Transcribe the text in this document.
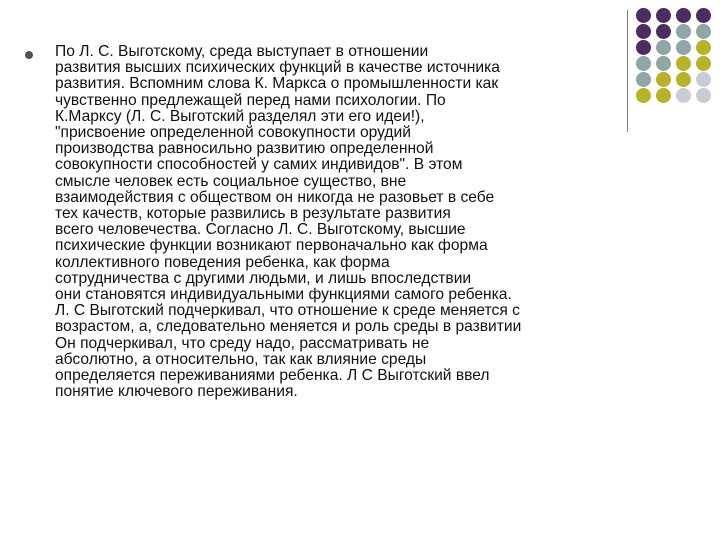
По Л. С. Выготскому, среда выступает в отношении
развития высших психических функций в качестве источника
развития. Вспомним слова К. Маркса о промышленности как
чувственно предлежащей перед нами психологии. По
К.Марксу (Л. С. Выготский разделял эти его идеи!),
"присвоение определенной совокупности орудий
производства равносильно развитию определенной
совокупности способностей у самих индивидов". В этом
смысле человек есть социальное существо, вне
взаимодействия с обществом он никогда не разовьет в себе
тех качеств, которые развились в результате развития
всего человечества. Согласно Л. С. Выготскому, высшие
психические функции возникают первоначально как форма
коллективного поведения ребенка, как форма
сотрудничества с другими людьми, и лишь впоследствии
они становятся индивидуальными функциями самого ребенка.
Л. С Выготский подчеркивал, что отношение к среде меняется с
возрастом, а, следовательно меняется и роль среды в развитии
Он подчеркивал, что среду надо, рассматривать не
абсолютно, а относительно, так как влияние среды
определяется переживаниями ребенка. Л С Выготский ввел
понятие ключевого переживания.
